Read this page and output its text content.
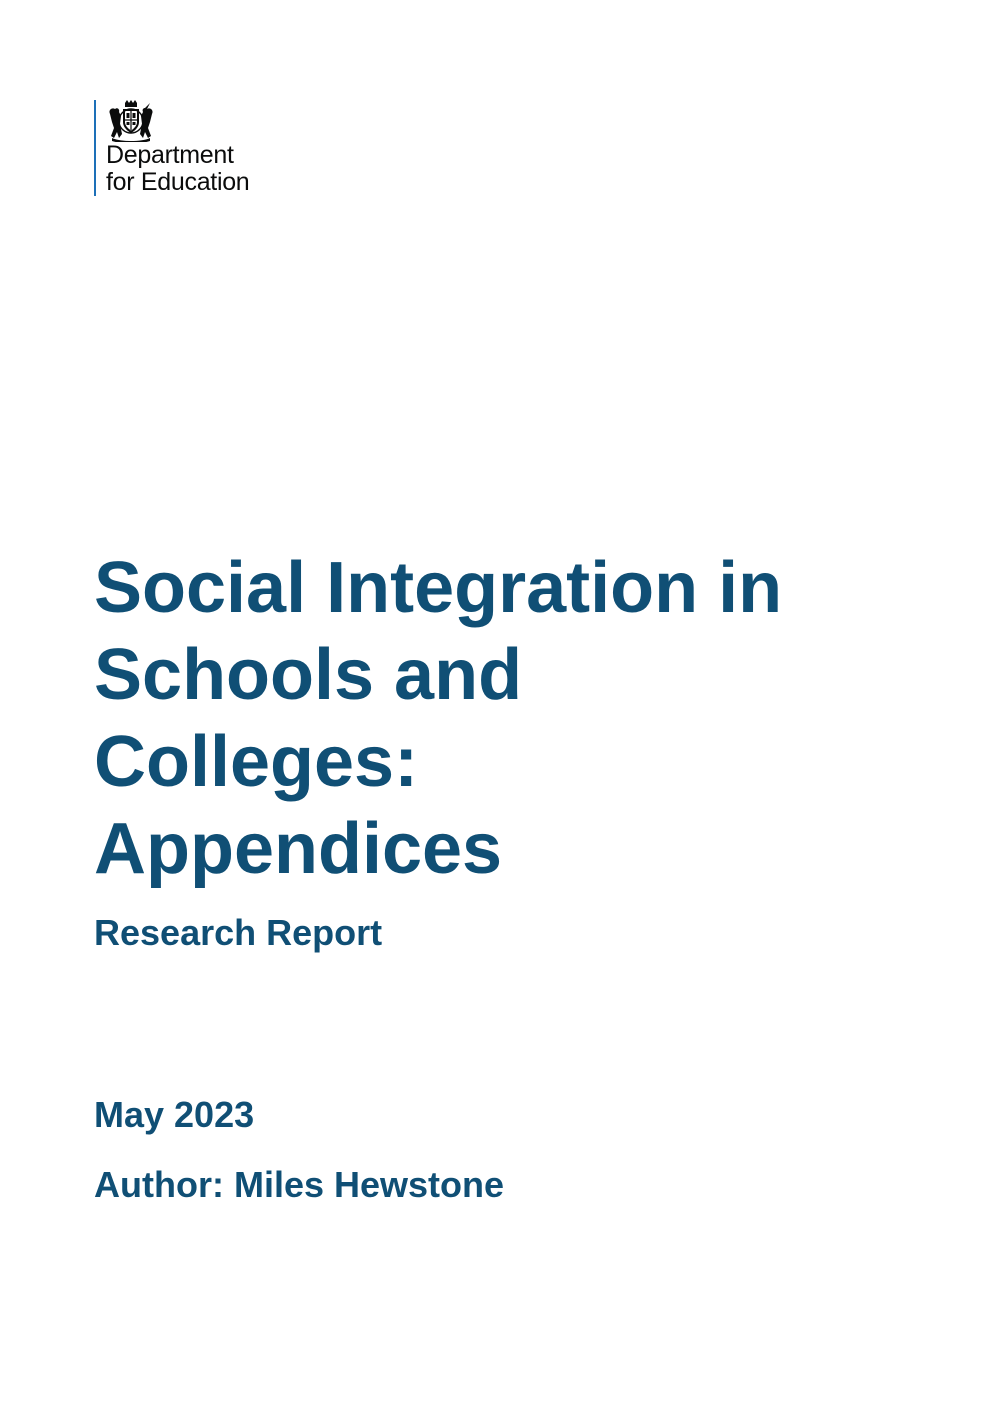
Department
for Education
Social Integration in
Schools and
Colleges:
Appendices
Research Report

May 2023

Author: Miles Hewstone
